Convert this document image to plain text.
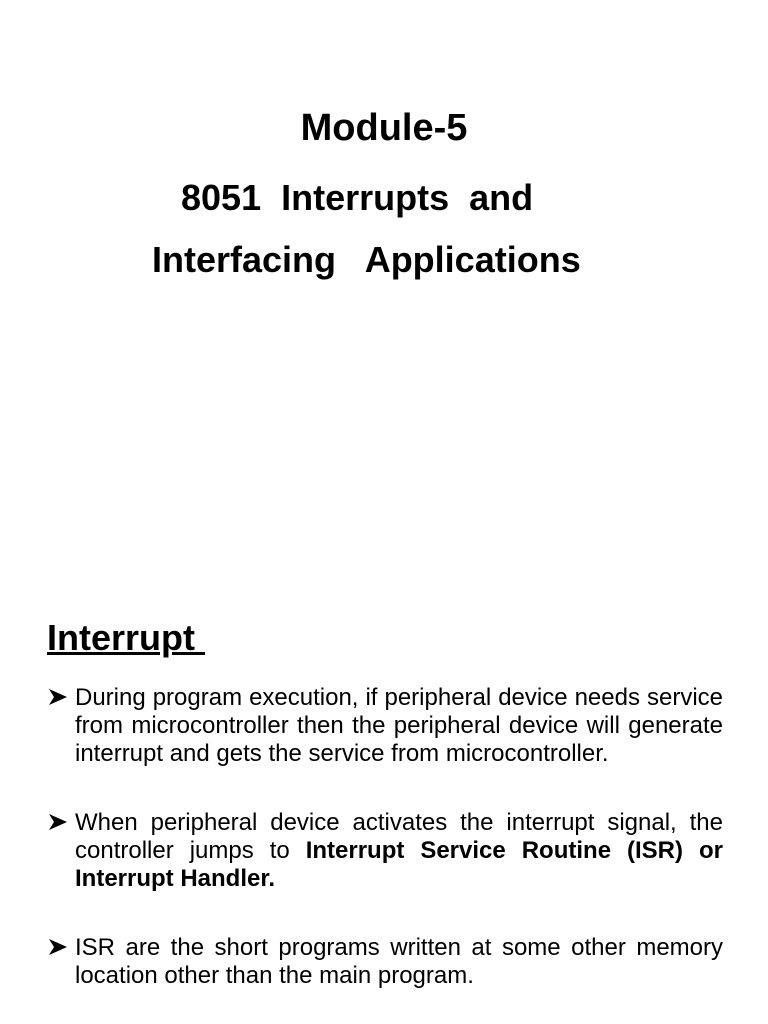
Module-5
8051  Interrupts  and
Interfacing   Applications
Interrupt
During program execution, if peripheral device needs service from microcontroller then the peripheral device will generate interrupt and gets the service from microcontroller.
When peripheral device activates the interrupt signal, the controller jumps to Interrupt Service Routine (ISR) or Interrupt Handler.
ISR are the short programs written at some other memory location other than the main program.
